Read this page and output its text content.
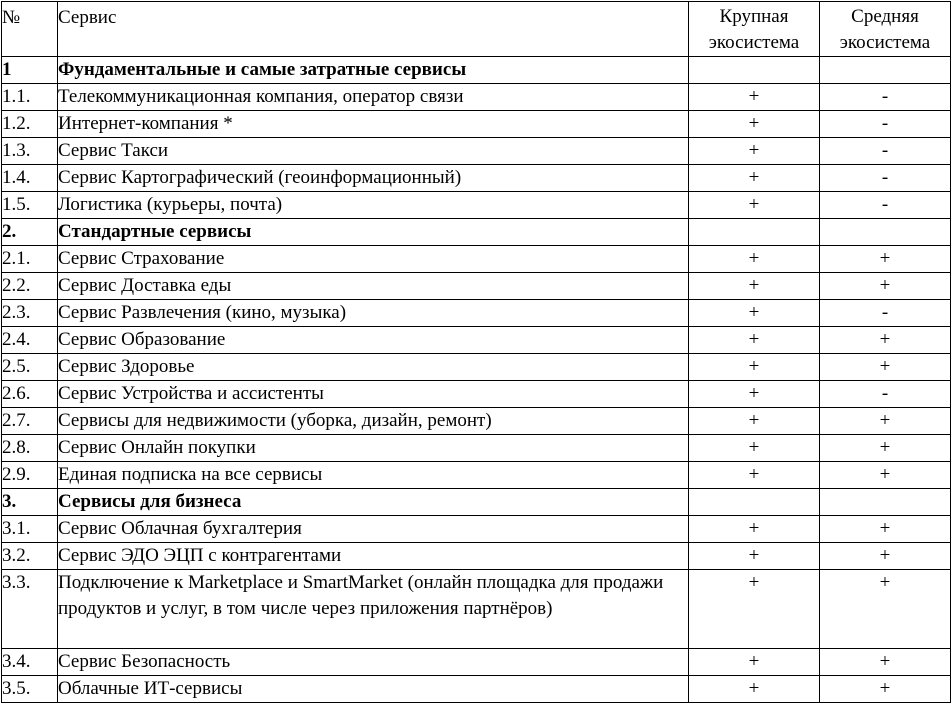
№	Сервис	Крупная экосистема	Средняя экосистема
1	Фундаментальные и самые затратные сервисы		
1.1.	Телекоммуникационная компания, оператор связи	+	-
1.2.	Интернет-компания *	+	-
1.3.	Сервис Такси	+	-
1.4.	Сервис Картографический (геоинформационный)	+	-
1.5.	Логистика (курьеры, почта)	+	-
2.	Стандартные сервисы		
2.1.	Сервис Страхование	+	+
2.2.	Сервис Доставка еды	+	+
2.3.	Сервис Развлечения (кино, музыка)	+	-
2.4.	Сервис Образование	+	+
2.5.	Сервис Здоровье	+	+
2.6.	Сервис Устройства и ассистенты	+	-
2.7.	Сервисы для недвижимости (уборка, дизайн, ремонт)	+	+
2.8.	Сервис Онлайн покупки	+	+
2.9.	Единая подписка на все сервисы	+	+
3.	Сервисы для бизнеса		
3.1.	Сервис Облачная бухгалтерия	+	+
3.2.	Сервис ЭДО ЭЦП с контрагентами	+	+
3.3.	Подключение к Marketplace и SmartMarket (онлайн площадка для продажи продуктов и услуг, в том числе через приложения партнёров)	+	+
3.4.	Сервис Безопасность	+	+
3.5.	Облачные ИТ-сервисы	+	+
